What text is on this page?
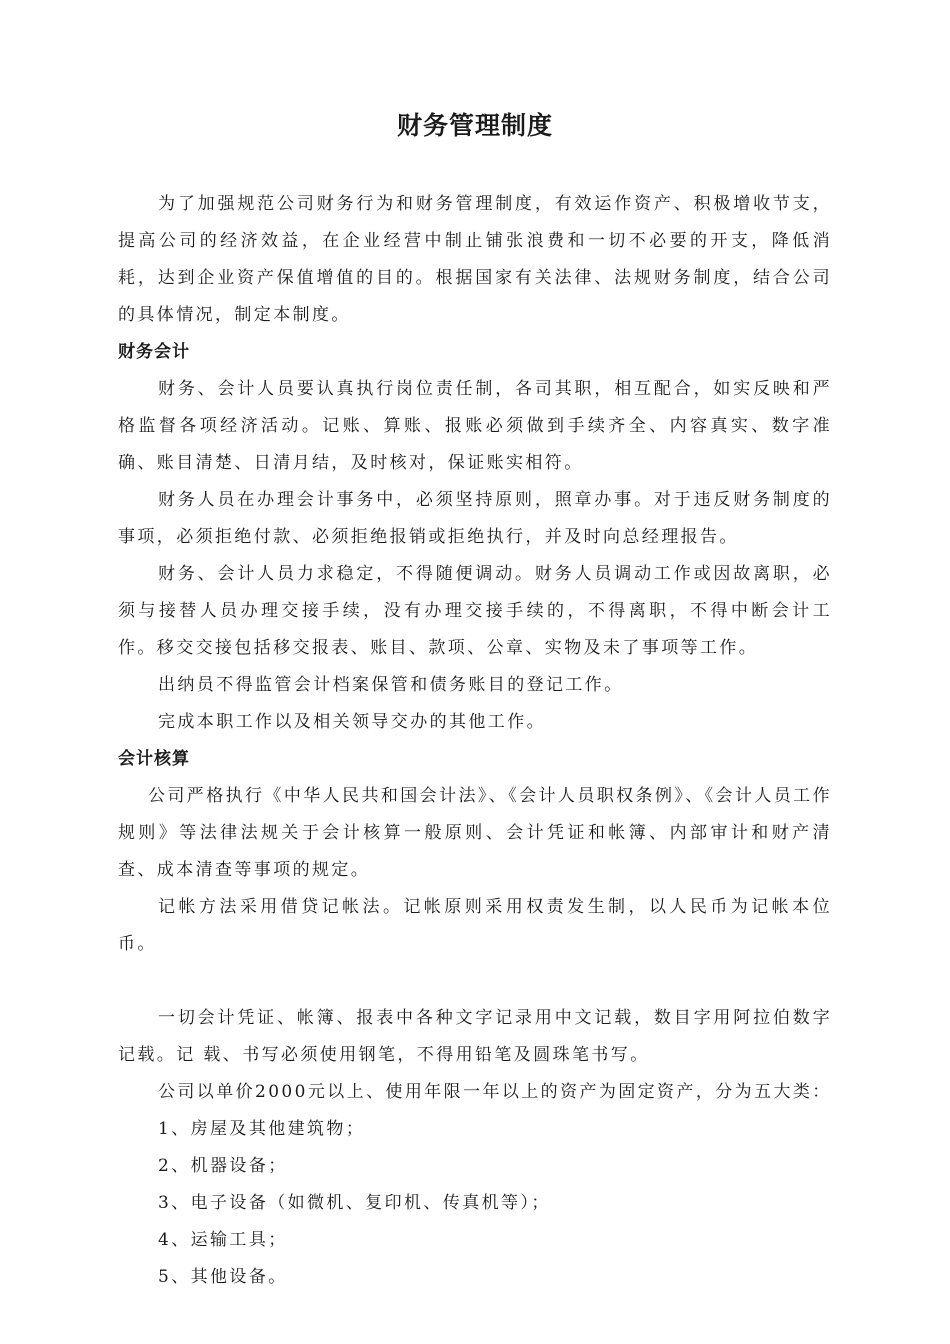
财务管理制度

为了加强规范公司财务行为和财务管理制度，有效运作资产、积极增收节支，提高公司的经济效益，在企业经营中制止铺张浪费和一切不必要的开支，降低消耗，达到企业资产保值增值的目的。根据国家有关法律、法规财务制度，结合公司的具体情况，制定本制度。

财务会计

财务、会计人员要认真执行岗位责任制，各司其职，相互配合，如实反映和严格监督各项经济活动。记账、算账、报账必须做到手续齐全、内容真实、数字准确、账目清楚、日清月结，及时核对，保证账实相符。

财务人员在办理会计事务中，必须坚持原则，照章办事。对于违反财务制度的事项，必须拒绝付款、必须拒绝报销或拒绝执行，并及时向总经理报告。

财务、会计人员力求稳定，不得随便调动。财务人员调动工作或因故离职，必须与接替人员办理交接手续，没有办理交接手续的，不得离职，不得中断会计工作。移交交接包括移交报表、账目、款项、公章、实物及未了事项等工作。

出纳员不得监管会计档案保管和债务账目的登记工作。

完成本职工作以及相关领导交办的其他工作。

会计核算

公司严格执行《中华人民共和国会计法》、《会计人员职权条例》、《会计人员工作规则》等法律法规关于会计核算一般原则、会计凭证和帐簿、内部审计和财产清查、成本清查等事项的规定。

记帐方法采用借贷记帐法。记帐原则采用权责发生制，以人民币为记帐本位币。

一切会计凭证、帐簿、报表中各种文字记录用中文记载，数目字用阿拉伯数字记载。记 载、书写必须使用钢笔，不得用铅笔及圆珠笔书写。

公司以单价2000元以上、使用年限一年以上的资产为固定资产，分为五大类：

1、房屋及其他建筑物；

2、机器设备；

3、电子设备（如微机、复印机、传真机等）；

4、运输工具；

5、其他设备。
